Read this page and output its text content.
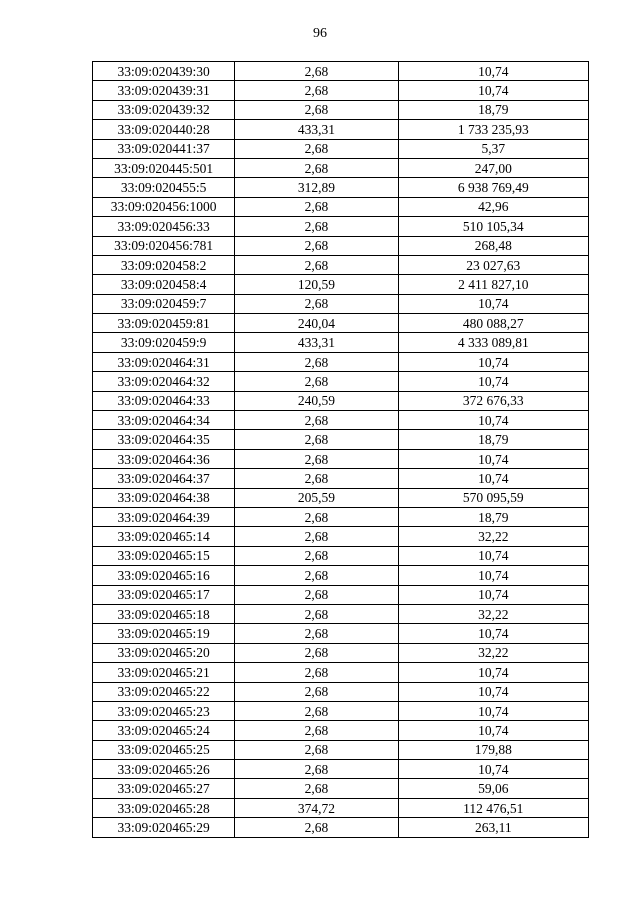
96
33:09:020439:30	2,68	10,74
33:09:020439:31	2,68	10,74
33:09:020439:32	2,68	18,79
33:09:020440:28	433,31	1 733 235,93
33:09:020441:37	2,68	5,37
33:09:020445:501	2,68	247,00
33:09:020455:5	312,89	6 938 769,49
33:09:020456:1000	2,68	42,96
33:09:020456:33	2,68	510 105,34
33:09:020456:781	2,68	268,48
33:09:020458:2	2,68	23 027,63
33:09:020458:4	120,59	2 411 827,10
33:09:020459:7	2,68	10,74
33:09:020459:81	240,04	480 088,27
33:09:020459:9	433,31	4 333 089,81
33:09:020464:31	2,68	10,74
33:09:020464:32	2,68	10,74
33:09:020464:33	240,59	372 676,33
33:09:020464:34	2,68	10,74
33:09:020464:35	2,68	18,79
33:09:020464:36	2,68	10,74
33:09:020464:37	2,68	10,74
33:09:020464:38	205,59	570 095,59
33:09:020464:39	2,68	18,79
33:09:020465:14	2,68	32,22
33:09:020465:15	2,68	10,74
33:09:020465:16	2,68	10,74
33:09:020465:17	2,68	10,74
33:09:020465:18	2,68	32,22
33:09:020465:19	2,68	10,74
33:09:020465:20	2,68	32,22
33:09:020465:21	2,68	10,74
33:09:020465:22	2,68	10,74
33:09:020465:23	2,68	10,74
33:09:020465:24	2,68	10,74
33:09:020465:25	2,68	179,88
33:09:020465:26	2,68	10,74
33:09:020465:27	2,68	59,06
33:09:020465:28	374,72	112 476,51
33:09:020465:29	2,68	263,11
